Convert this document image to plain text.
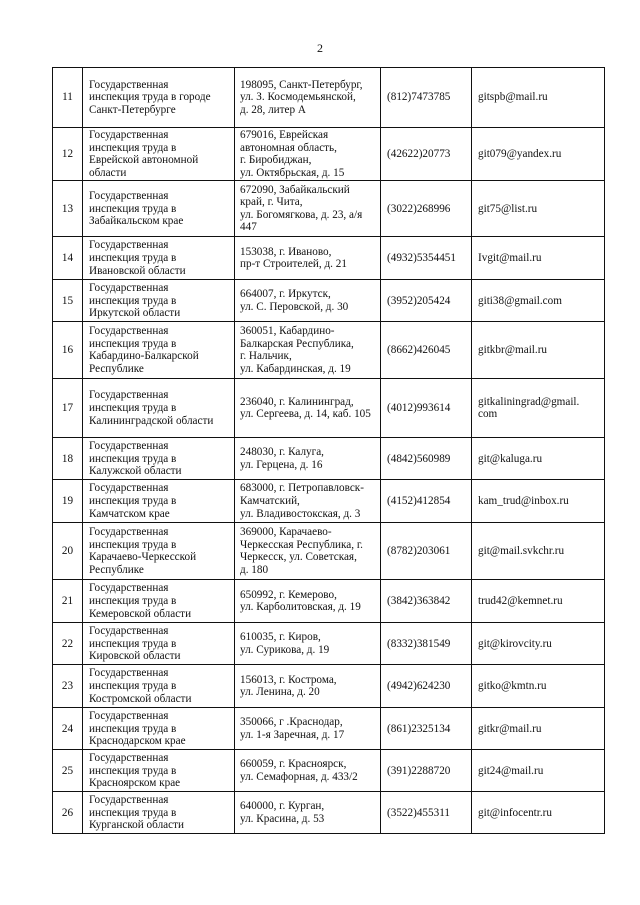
2
11	Государственная
инспекция труда в городе
Санкт-Петербурге	198095, Санкт-Петербург,
ул. З. Космодемьянской,
д. 28, литер А	(812)7473785	gitspb@mail.ru
12	Государственная
инспекция труда в
Еврейской автономной
области	679016, Еврейская
автономная область,
г. Биробиджан,
ул. Октябрьская, д. 15	(42622)20773	git079@yandex.ru
13	Государственная
инспекция труда в
Забайкальском крае	672090, Забайкальский
край, г. Чита,
ул. Богомягкова, д. 23, а/я
447	(3022)268996	git75@list.ru
14	Государственная
инспекция труда в
Ивановской области	153038, г. Иваново,
пр-т Строителей, д. 21	(4932)5354451	Ivgit@mail.ru
15	Государственная
инспекция труда в
Иркутской области	664007, г. Иркутск,
ул. С. Перовской, д. 30	(3952)205424	giti38@gmail.com
16	Государственная
инспекция труда в
Кабардино-Балкарской
Республике	360051, Кабардино-
Балкарская Республика,
г. Нальчик,
ул. Кабардинская, д. 19	(8662)426045	gitkbr@mail.ru
17	Государственная
инспекция труда в
Калининградской области	236040, г. Калининград,
ул. Сергеева, д. 14, каб. 105	(4012)993614	gitkaliningrad@gmail.
com
18	Государственная
инспекция труда в
Калужской области	248030, г. Калуга,
ул. Герцена, д. 16	(4842)560989	git@kaluga.ru
19	Государственная
инспекция труда в
Камчатском крае	683000, г. Петропавловск-
Камчатский,
ул. Владивостокская, д. 3	(4152)412854	kam_trud@inbox.ru
20	Государственная
инспекция труда в
Карачаево-Черкесской
Республике	369000, Карачаево-
Черкесская Республика, г.
Черкесск, ул. Советская,
д. 180	(8782)203061	git@mail.svkchr.ru
21	Государственная
инспекция труда в
Кемеровской области	650992, г. Кемерово,
ул. Карболитовская, д. 19	(3842)363842	trud42@kemnet.ru
22	Государственная
инспекция труда в
Кировской области	610035, г. Киров,
ул. Сурикова, д. 19	(8332)381549	git@kirovcity.ru
23	Государственная
инспекция труда в
Костромской области	156013, г. Кострома,
ул. Ленина, д. 20	(4942)624230	gitko@kmtn.ru
24	Государственная
инспекция труда в
Краснодарском крае	350066, г .Краснодар,
ул. 1-я Заречная, д. 17	(861)2325134	gitkr@mail.ru
25	Государственная
инспекция труда в
Красноярском крае	660059, г. Красноярск,
ул. Семафорная, д. 433/2	(391)2288720	git24@mail.ru
26	Государственная
инспекция труда в
Курганской области	640000, г. Курган,
ул. Красина, д. 53	(3522)455311	git@infocentr.ru
